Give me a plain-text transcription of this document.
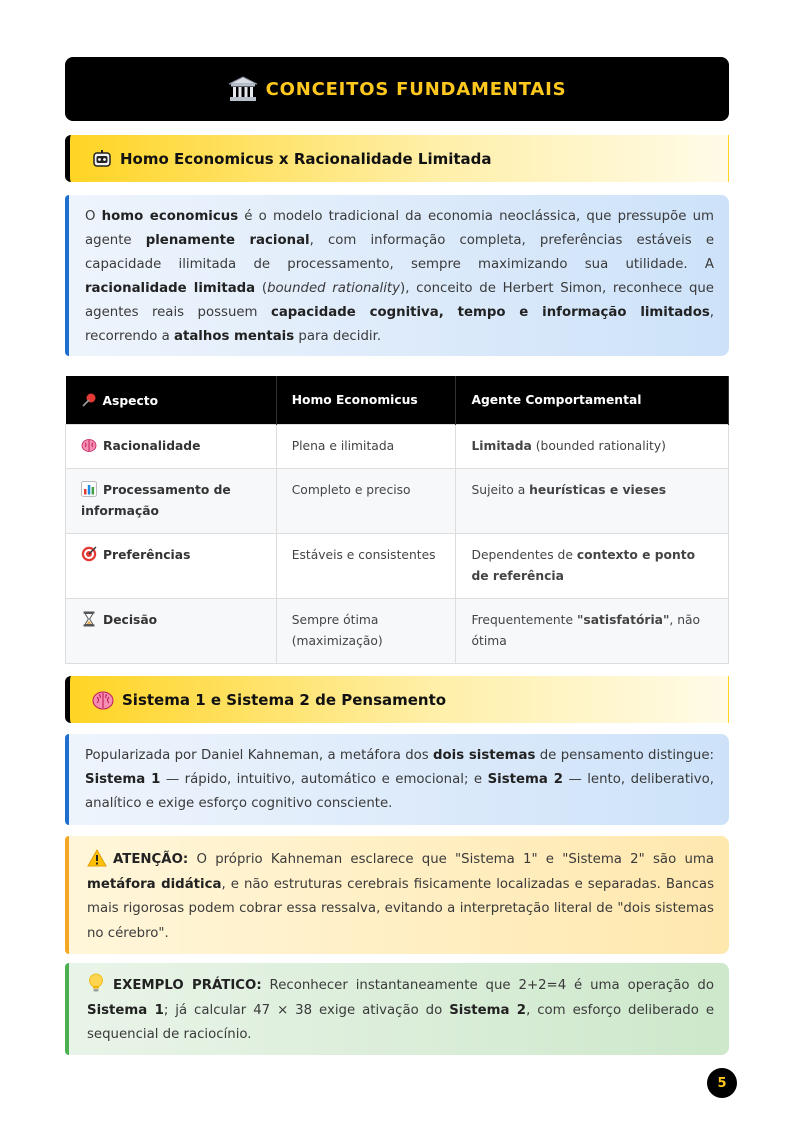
CONCEITOS FUNDAMENTAIS
Homo Economicus x Racionalidade Limitada

O homo economicus é o modelo tradicional da economia neoclássica, que pressupõe um agente plenamente racional, com informação completa, preferências estáveis e capacidade ilimitada de processamento, sempre maximizando sua utilidade. A racionalidade limitada (bounded rationality), conceito de Herbert Simon, reconhece que agentes reais possuem capacidade cognitiva, tempo e informação limitados, recorrendo a atalhos mentais para decidir.

Aspecto	Homo Economicus	Agente Comportamental
Racionalidade	Plena e ilimitada	Limitada (bounded rationality)
Processamento de informação	Completo e preciso	Sujeito a heurísticas e vieses
Preferências	Estáveis e consistentes	Dependentes de contexto e ponto de referência
Decisão	Sempre ótima (maximização)	Frequentemente "satisfatória", não ótima
Sistema 1 e Sistema 2 de Pensamento

Popularizada por Daniel Kahneman, a metáfora dos dois sistemas de pensamento distingue: Sistema 1 — rápido, intuitivo, automático e emocional; e Sistema 2 — lento, deliberativo, analítico e exige esforço cognitivo consciente.

ATENÇÃO: O próprio Kahneman esclarece que "Sistema 1" e "Sistema 2" são uma metáfora didática, e não estruturas cerebrais fisicamente localizadas e separadas. Bancas mais rigorosas podem cobrar essa ressalva, evitando a interpretação literal de "dois sistemas no cérebro".

EXEMPLO PRÁTICO: Reconhecer instantaneamente que 2+2=4 é uma operação do Sistema 1; já calcular 47 × 38 exige ativação do Sistema 2, com esforço deliberado e sequencial de raciocínio.

5
